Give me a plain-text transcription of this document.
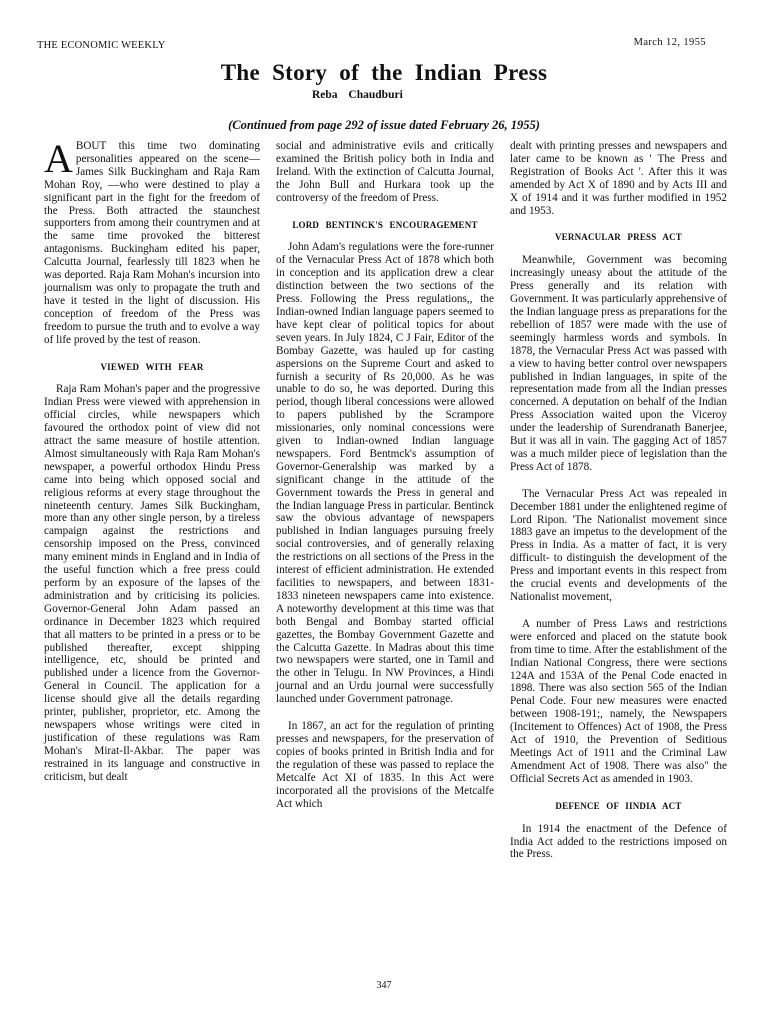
THE ECONOMIC WEEKLY	March 12, 1955
The Story of the Indian Press
Reba Chaudburi
(Continued from page 292 of issue dated February 26, 1955)

ABOUT this time two dominating personalities appeared on the scene—James Silk Buckingham and Raja Ram Mohan Roy, —who were destined to play a significant part in the fight for the freedom of the Press. Both attracted the staunchest supporters from among their countrymen and at the same time provoked the bitterest antagonisms. Buckingham edited his paper, Calcutta Journal, fearlessly till 1823 when he was deported. Raja Ram Mohan's incursion into journalism was only to propagate the truth and have it tested in the light of discussion. His conception of freedom of the Press was freedom to pursue the truth and to evolve a way of life proved by the test of reason.

VIEWED WITH FEAR

Raja Ram Mohan's paper and the progressive Indian Press were viewed with apprehension in official circles, while newspapers which favoured the orthodox point of view did not attract the same measure of hostile attention. Almost simultaneously with Raja Ram Mohan's newspaper, a powerful orthodox Hindu Press came into being which opposed social and religious reforms at every stage throughout the nineteenth century. James Silk Buckingham, more than any other single person, by a tireless campaign against the restrictions and censorship imposed on the Press, convinced many eminent minds in England and in India of the useful function which a free press could perform by an exposure of the lapses of the administration and by criticising its policies. Governor-General John Adam passed an ordinance in December 1823 which required that all matters to be printed in a press or to be published thereafter, except shipping intelligence, etc, should be printed and published under a licence from the Governor-General in Council. The application for a license should give all the details regarding printer, publisher, proprietor, etc. Among the newspapers whose writings were cited in justification of these regulations was Ram Mohan's Mirat-Il-Akbar. The paper was restrained in its language and constructive in criticism, but dealt

social and administrative evils and critically examined the British policy both in India and Ireland. With the extinction of Calcutta Journal, the John Bull and Hurkara took up the controversy of the freedom of Press.

LORD BENTINCK'S ENCOURAGEMENT

John Adam's regulations were the fore-runner of the Vernacular Press Act of 1878 which both in conception and its application drew a clear distinction between the two sections of the Press. Following the Press regulations,, the Indian-owned Indian language papers seemed to have kept clear of political topics for about seven years. In July 1824, C J Fair, Editor of the Bombay Gazette, was hauled up for casting aspersions on the Supreme Court and asked to furnish a security of Rs 20,000. As he was unable to do so, he was deported. During this period, though liberal concessions were allowed to papers published by the Scrampore missionaries, only nominal concessions were given to Indian-owned Indian language newspapers. Ford Bentmck's assumption of Governor-Generalship was marked by a significant change in the attitude of the Government towards the Press in general and the Indian language Press in particular. Bentinck saw the obvious advantage of newspapers published in Indian languages pursuing freely social controversies, and of generally relaxing the restrictions on all sections of the Press in the interest of efficient administration. He extended facilities to newspapers, and between 1831-1833 nineteen newspapers came into existence. A noteworthy development at this time was that both Bengal and Bombay started official gazettes, the Bombay Government Gazette and the Calcutta Gazette. In Madras about this time two newspapers were started, one in Tamil and the other in Telugu. In NW Provinces, a Hindi journal and an Urdu journal were successfully launched under Government patronage.

In 1867, an act for the regulation of printing presses and newspapers, for the preservation of copies of books printed in British India and for the regulation of these was passed to replace the Metcalfe Act XI of 1835. In this Act were incorporated all the provisions of the Metcalfe Act which

dealt with printing presses and newspapers and later came to be known as ' The Press and Registration of Books Act '. After this it was amended by Act X of 1890 and by Acts III and X of 1914 and it was further modified in 1952 and 1953.

VERNACULAR PRESS ACT

Meanwhile, Government was becoming increasingly uneasy about the attitude of the Press generally and its relation with Government. It was particularly apprehensive of the Indian language press as preparations for the rebellion of 1857 were made with the use of seemingly harmless words and symbols. In 1878, the Vernacular Press Act was passed with a view to having better control over newspapers published in Indian languages, in spite of the representation made from all the Indian presses concerned. A deputation on behalf of the Indian Press Association waited upon the Viceroy under the leadership of Surendranath Banerjee, But it was all in vain. The gagging Act of 1857 was a much milder piece of legislation than the Press Act of 1878.

The Vernacular Press Act was repealed in December 1881 under the enlightened regime of Lord Ripon. 'The Nationalist movement since 1883 gave an impetus to the development of the Press in India. As a matter of fact, it is very difficult- to distinguish the development of the Press and important events in this respect from the crucial events and developments of the Nationalist movement,

A number of Press Laws and restrictions were enforced and placed on the statute book from time to time. After the establishment of the Indian National Congress, there were sections 124A and 153A of the Penal Code enacted in 1898. There was also section 565 of the Indian Penal Code. Four new measures were enacted between 1908-191;, namely, the Newspapers (Incitement to Offences) Act of 1908, the Press Act of 1910, the Prevention of Seditious Meetings Act of 1911 and the Criminal Law Amendment Act of 1908. There was also" the Official Secrets Act as amended in 1903.

DEFENCE OF IINDIA ACT

In 1914 the enactment of the Defence of India Act added to the restrictions imposed on the Press.

347
